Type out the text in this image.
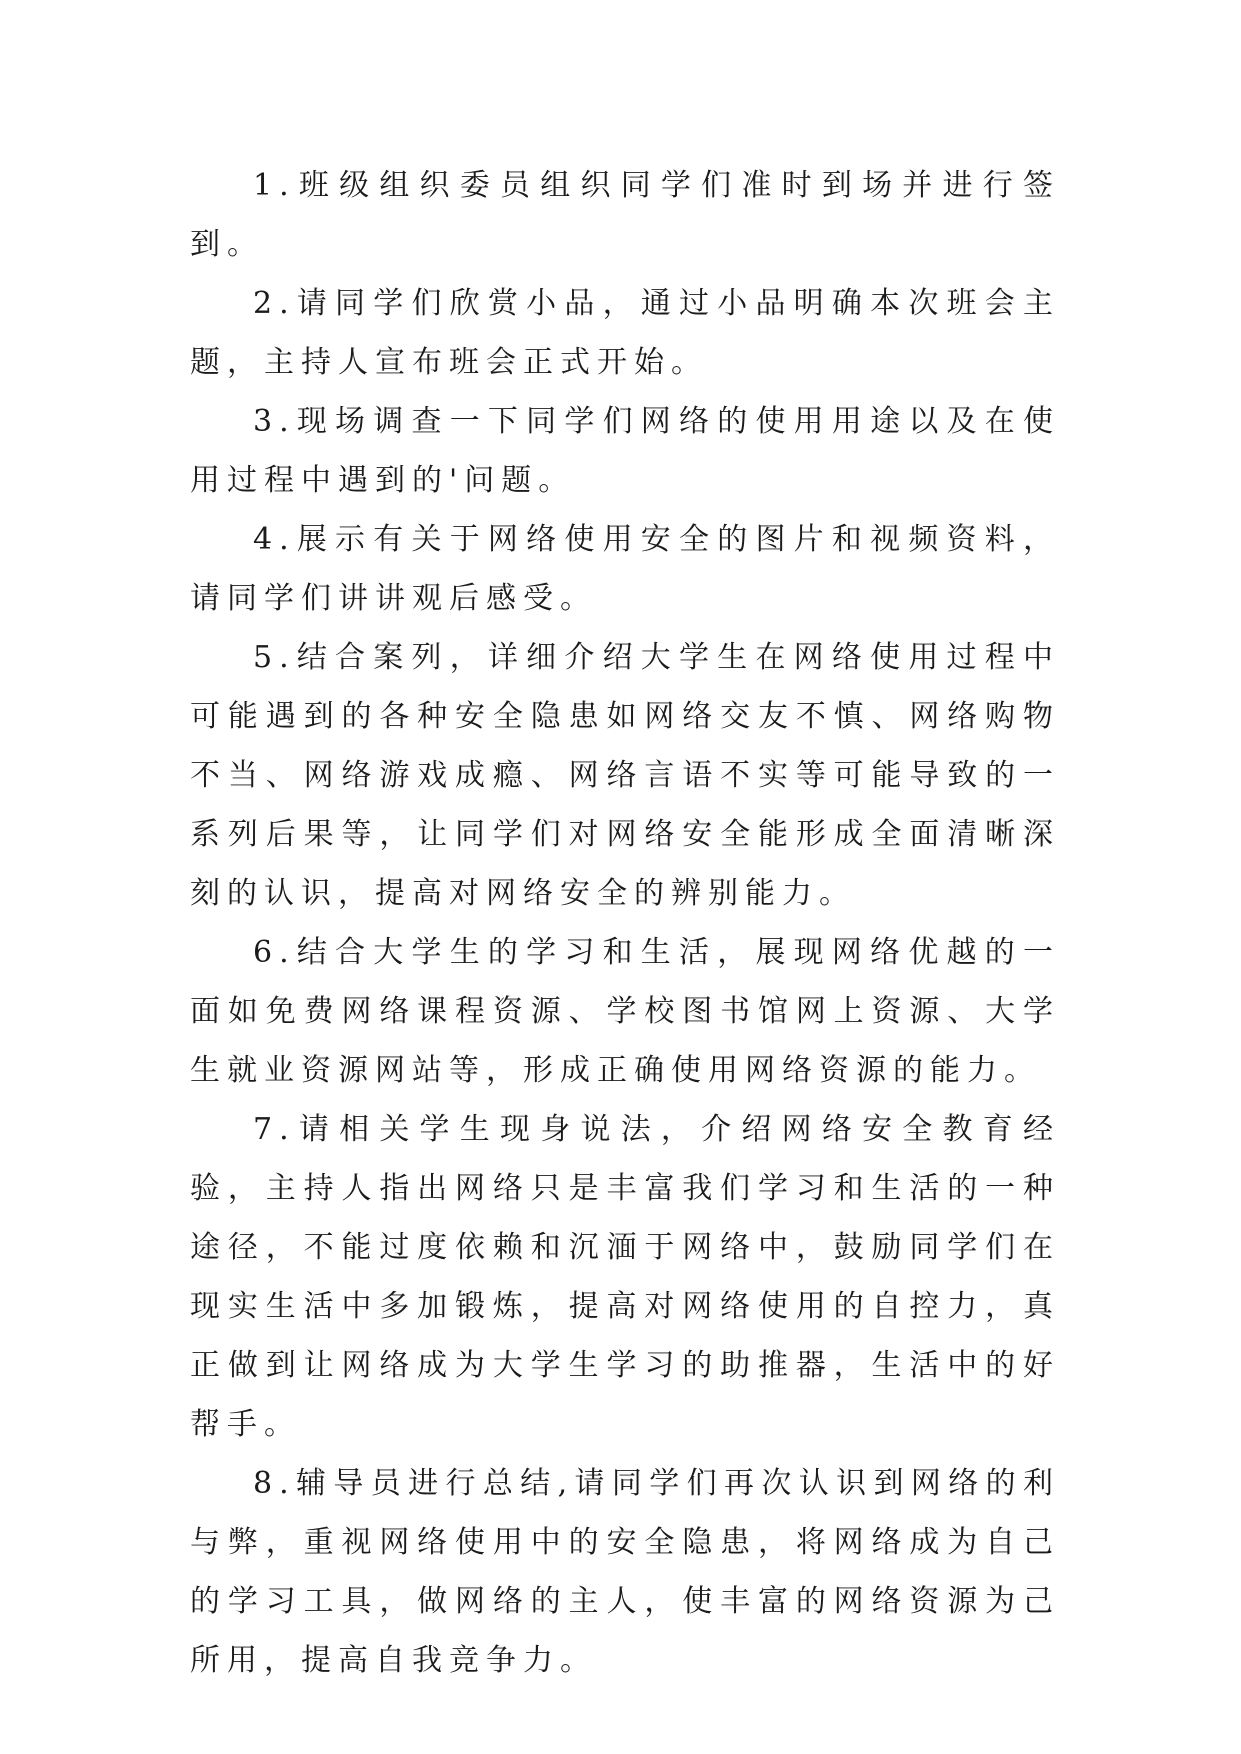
1.班级组织委员组织同学们准时到场并进行签到。

2.请同学们欣赏小品，通过小品明确本次班会主题，主持人宣布班会正式开始。

3.现场调查一下同学们网络的使用用途以及在使用过程中遇到的'问题。

4.展示有关于网络使用安全的图片和视频资料，请同学们讲讲观后感受。

5.结合案列，详细介绍大学生在网络使用过程中可能遇到的各种安全隐患如网络交友不慎、网络购物不当、网络游戏成瘾、网络言语不实等可能导致的一系列后果等，让同学们对网络安全能形成全面清晰深刻的认识，提高对网络安全的辨别能力。

6.结合大学生的学习和生活，展现网络优越的一面如免费网络课程资源、学校图书馆网上资源、大学生就业资源网站等，形成正确使用网络资源的能力。

7.请相关学生现身说法，介绍网络安全教育经验，主持人指出网络只是丰富我们学习和生活的一种途径，不能过度依赖和沉湎于网络中，鼓励同学们在现实生活中多加锻炼，提高对网络使用的自控力，真正做到让网络成为大学生学习的助推器，生活中的好帮手。

8.辅导员进行总结,请同学们再次认识到网络的利与弊，重视网络使用中的安全隐患，将网络成为自己的学习工具，做网络的主人，使丰富的网络资源为己所用，提高自我竞争力。
